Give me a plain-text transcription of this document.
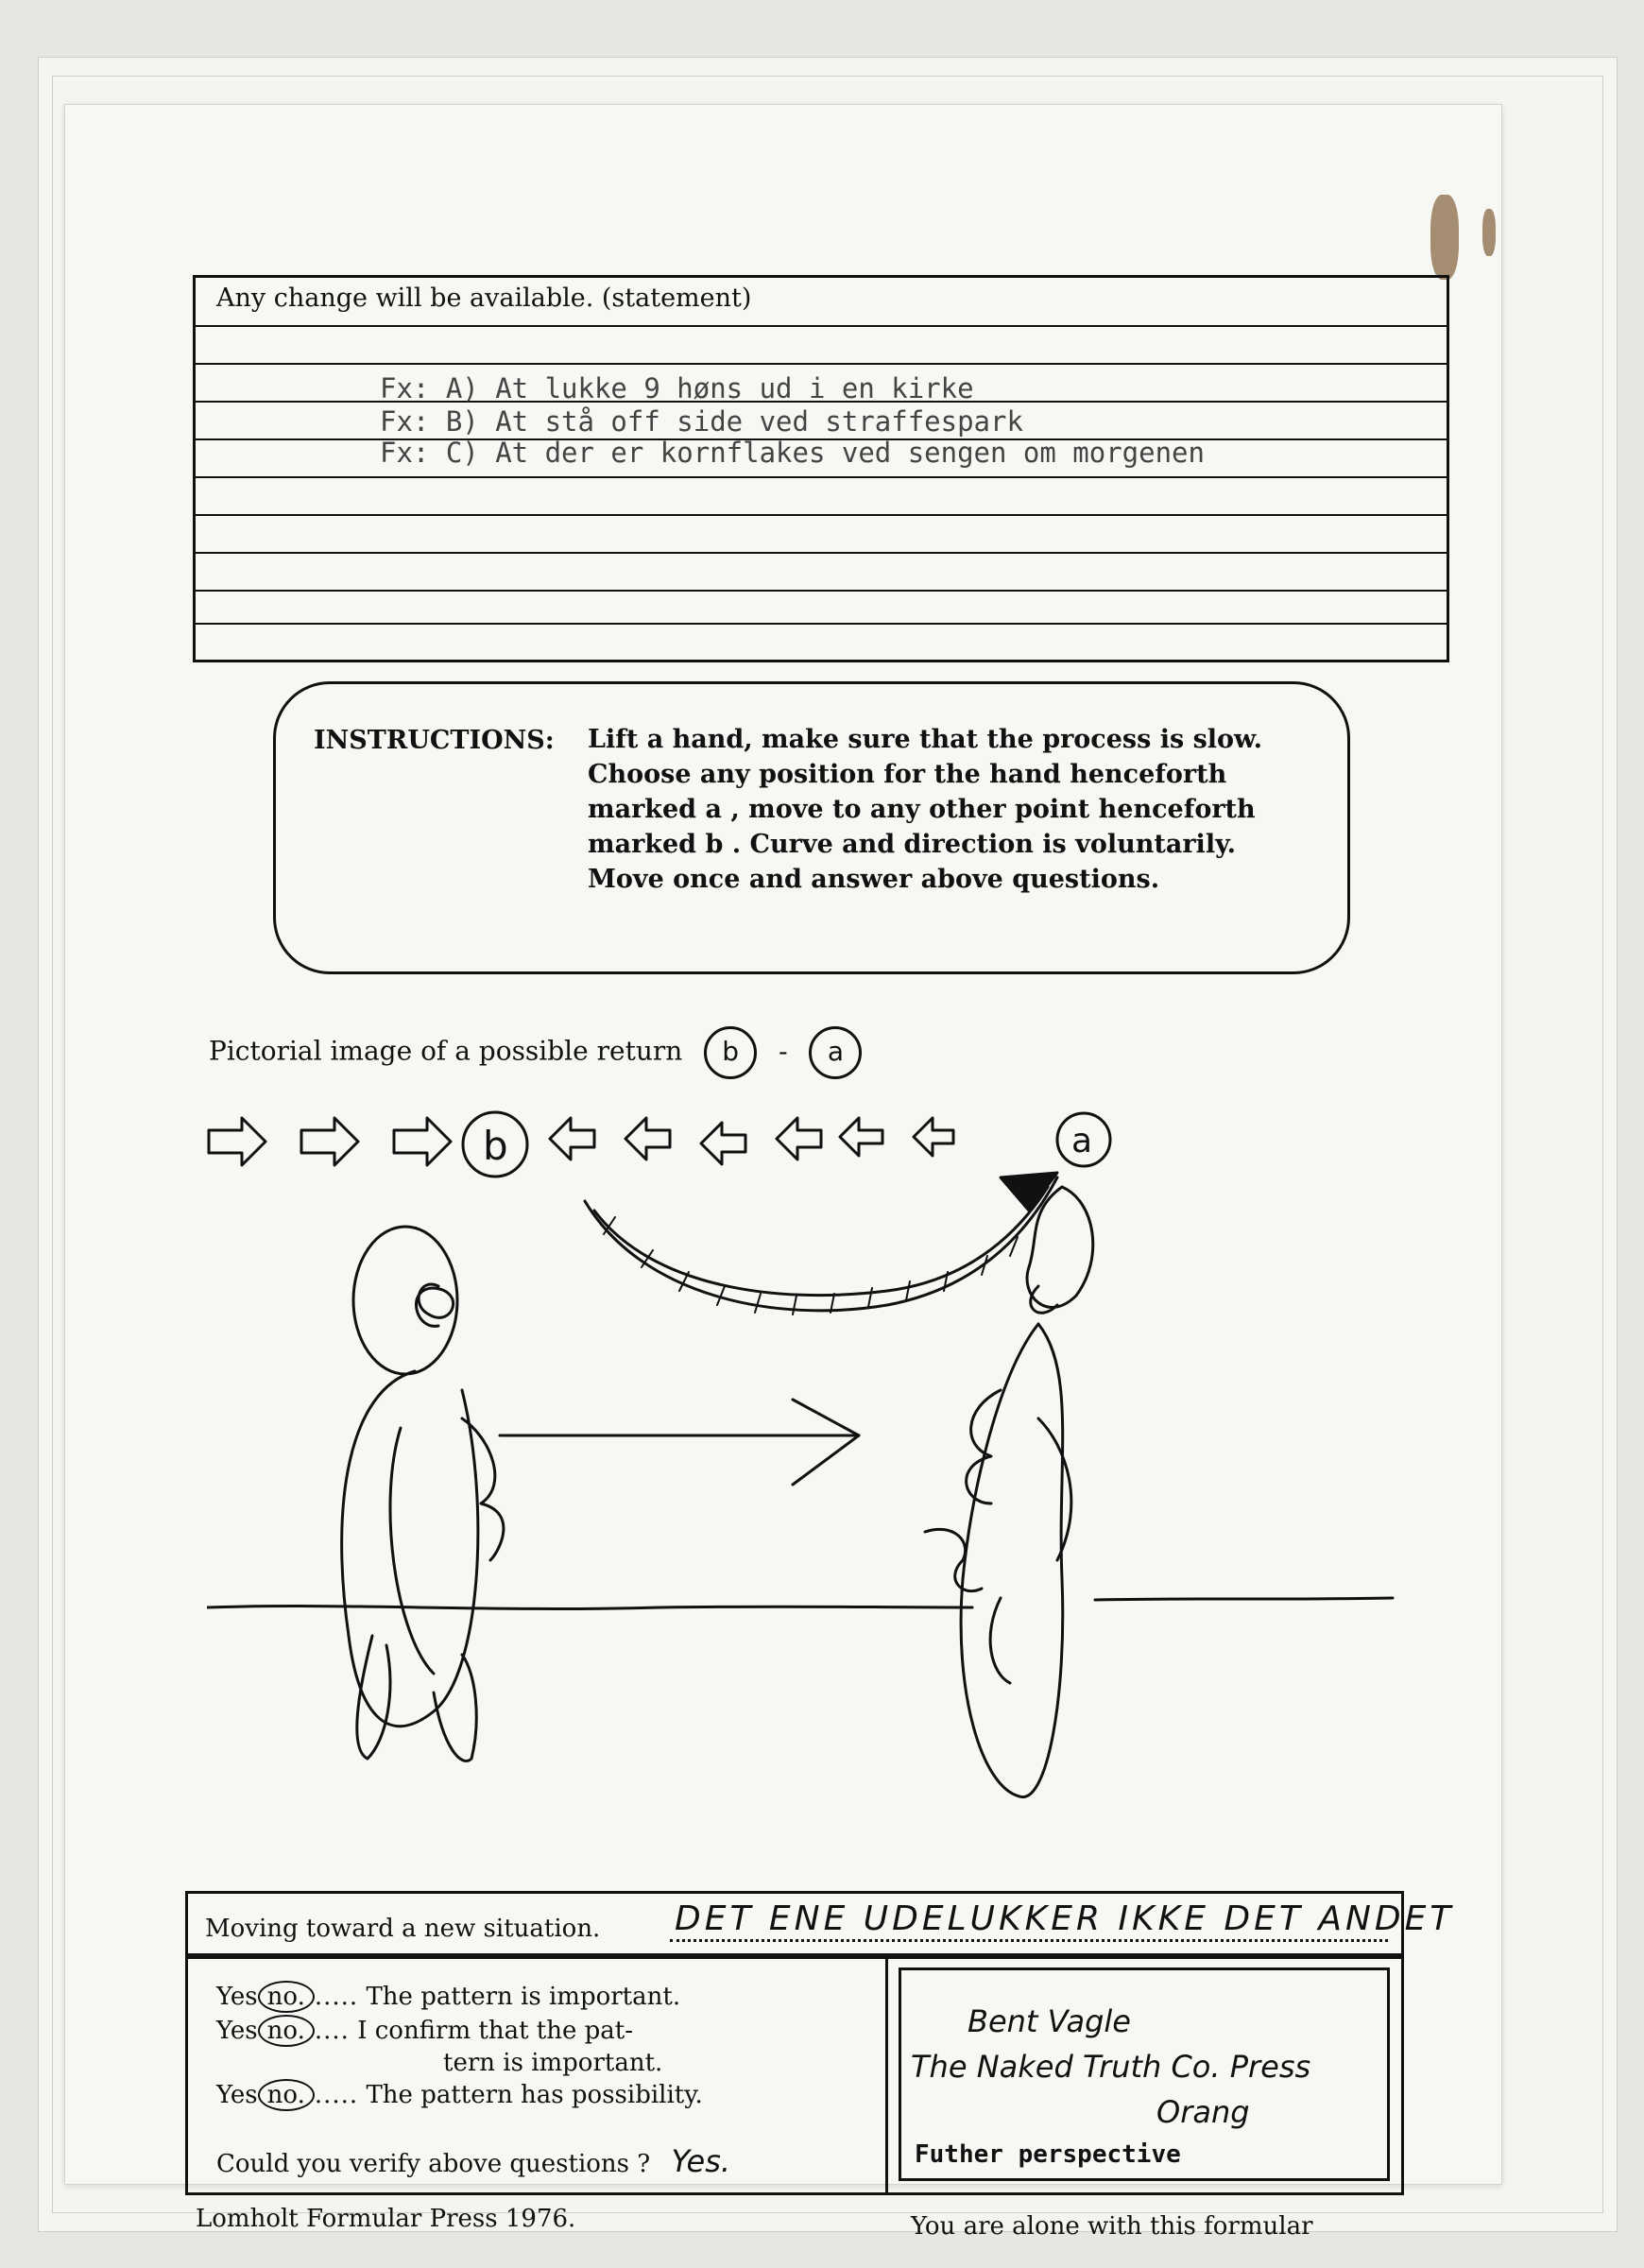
Any change will be available. (statement)
Fx: A) At lukke 9 høns ud i en kirke
Fx: B) At stå off side ved straffespark
Fx: C) At der er kornflakes ved sengen om morgenen
INSTRUCTIONS: Lift a hand, make sure that the process is slow. Choose any position for the hand henceforth marked a , move to any other point henceforth marked b . Curve and direction is voluntarily. Move once and answer above questions.
Pictorial image of a possible return b - a
b	a
Moving toward a new situation. DET ENE UDELUKKER IKKE DET ANDET
Yes no. ..... The pattern is important.
Yes no. .... I confirm that the pat-
tern is important.
Yes no. ..... The pattern has possibility.
Could you verify above questions ? Yes.
Bent Vagle
The Naked Truth Co. Press
Orang
Futher perspective
Lomholt Formular Press 1976.	You are alone with this formular
